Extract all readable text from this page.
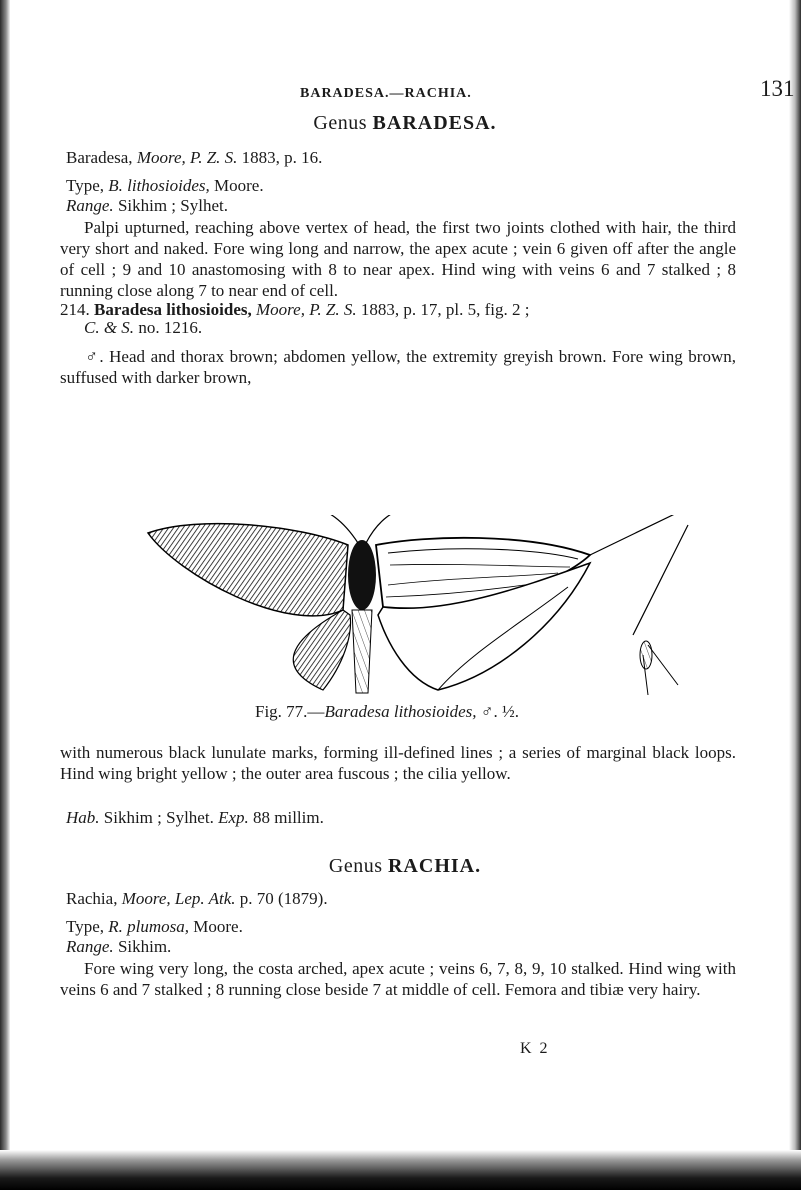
BARADESA.—RACHIA.	131
Genus BARADESA.
Baradesa, Moore, P. Z. S. 1883, p. 16.
Type, B. lithosioides, Moore.
Range. Sikhim ; Sylhet.
Palpi upturned, reaching above vertex of head, the first two joints clothed with hair, the third very short and naked. Fore wing long and narrow, the apex acute ; vein 6 given off after the angle of cell ; 9 and 10 anastomosing with 8 to near apex. Hind wing with veins 6 and 7 stalked ; 8 running close along 7 to near end of cell.
214. Baradesa lithosioides, Moore, P. Z. S. 1883, p. 17, pl. 5, fig. 2 ;
C. & S. no. 1216.
♂. Head and thorax brown; abdomen yellow, the extremity greyish brown. Fore wing brown, suffused with darker brown,
Fig. 77.—Baradesa lithosioides, ♂. ½.
with numerous black lunulate marks, forming ill-defined lines ; a series of marginal black loops. Hind wing bright yellow ; the outer area fuscous ; the cilia yellow.
Hab. Sikhim ; Sylhet. Exp. 88 millim.
Genus RACHIA.
Rachia, Moore, Lep. Atk. p. 70 (1879).
Type, R. plumosa, Moore.
Range. Sikhim.
Fore wing very long, the costa arched, apex acute ; veins 6, 7, 8, 9, 10 stalked. Hind wing with veins 6 and 7 stalked ; 8 running close beside 7 at middle of cell. Femora and tibiæ very hairy.
K 2
